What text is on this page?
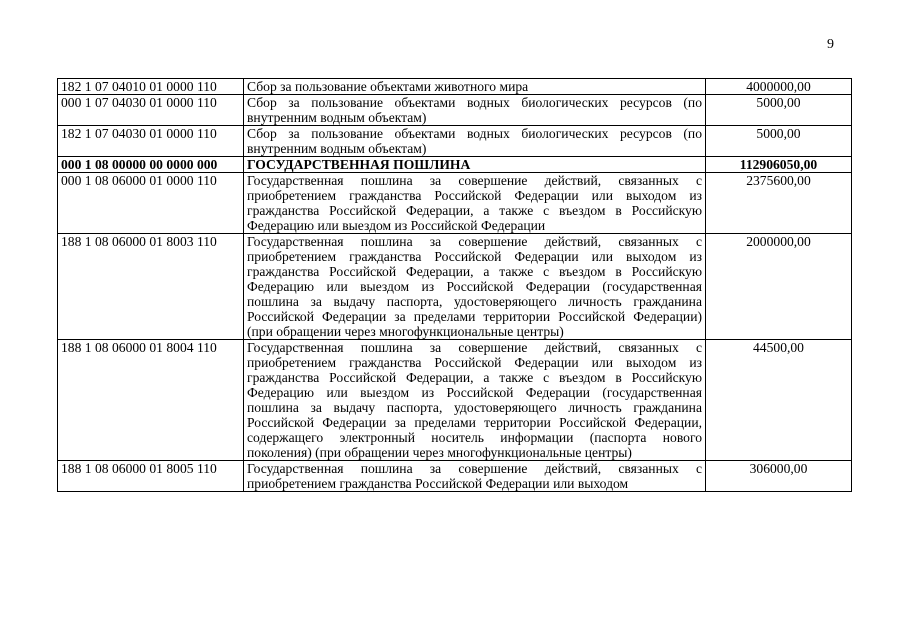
9
182 1 07 04010 01 0000 110	Сбор за пользование объектами животного мира	4000000,00
000 1 07 04030 01 0000 110	Сбор за пользование объектами водных биологических ресурсов (по внутренним водным объектам)	5000,00
182 1 07 04030 01 0000 110	Сбор за пользование объектами водных биологических ресурсов (по внутренним водным объектам)	5000,00
000 1 08 00000 00 0000 000	ГОСУДАРСТВЕННАЯ ПОШЛИНА	112906050,00
000 1 08 06000 01 0000 110	Государственная пошлина за совершение действий, связанных с приобретением гражданства Российской Федерации или выходом из гражданства Российской Федерации, а также с въездом в Российскую Федерацию или выездом из Российской Федерации	2375600,00
188 1 08 06000 01 8003 110	Государственная пошлина за совершение действий, связанных с приобретением гражданства Российской Федерации или выходом из гражданства Российской Федерации, а также с въездом в Российскую Федерацию или выездом из Российской Федерации (государственная пошлина за выдачу паспорта, удостоверяющего личность гражданина Российской Федерации за пределами территории Российской Федерации) (при обращении через многофункциональные центры)	2000000,00
188 1 08 06000 01 8004 110	Государственная пошлина за совершение действий, связанных с приобретением гражданства Российской Федерации или выходом из гражданства Российской Федерации, а также с въездом в Российскую Федерацию или выездом из Российской Федерации (государственная пошлина за выдачу паспорта, удостоверяющего личность гражданина Российской Федерации за пределами территории Российской Федерации, содержащего электронный носитель информации (паспорта нового поколения) (при обращении через многофункциональные центры)	44500,00
188 1 08 06000 01 8005 110	Государственная пошлина за совершение действий, связанных с приобретением гражданства Российской Федерации или выходом	306000,00
